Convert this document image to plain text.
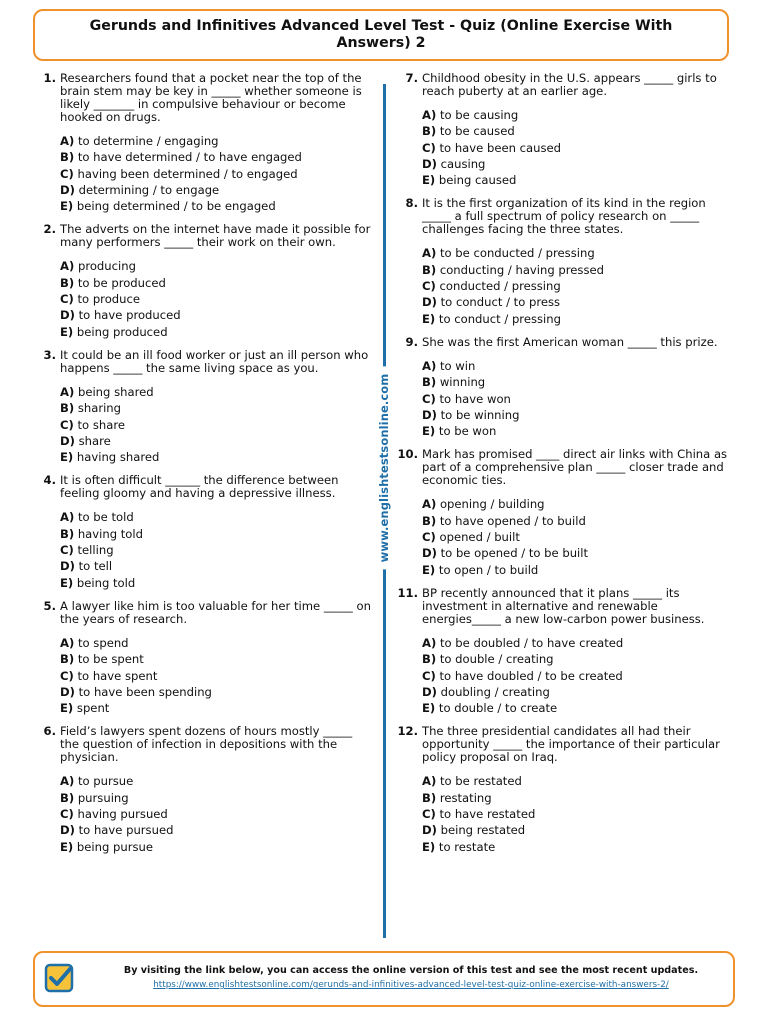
Gerunds and Infinitives Advanced Level Test - Quiz (Online Exercise With Answers) 2
www.englishtestsonline.com
1. Researchers found that a pocket near the top of the brain stem may be key in _____ whether someone is likely _______ in compulsive behaviour or become hooked on drugs.

A) to determine / engaging
B) to have determined / to have engaged
C) having been determined / to engaged
D) determining / to engage
E) being determined / to be engaged
2. The adverts on the internet have made it possible for many performers _____ their work on their own.

A) producing
B) to be produced
C) to produce
D) to have produced
E) being produced
3. It could be an ill food worker or just an ill person who happens _____ the same living space as you.

A) being shared
B) sharing
C) to share
D) share
E) having shared
4. It is often difficult ______ the difference between feeling gloomy and having a depressive illness.

A) to be told
B) having told
C) telling
D) to tell
E) being told
5. A lawyer like him is too valuable for her time _____ on the years of research.

A) to spend
B) to be spent
C) to have spent
D) to have been spending
E) spent
6. Field’s lawyers spent dozens of hours mostly _____ the question of infection in depositions with the physician.

A) to pursue
B) pursuing
C) having pursued
D) to have pursued
E) being pursue
7. Childhood obesity in the U.S. appears _____ girls to reach puberty at an earlier age.

A) to be causing
B) to be caused
C) to have been caused
D) causing
E) being caused
8. It is the first organization of its kind in the region _____ a full spectrum of policy research on _____ challenges facing the three states.

A) to be conducted / pressing
B) conducting / having pressed
C) conducted / pressing
D) to conduct / to press
E) to conduct / pressing
9. She was the first American woman _____ this prize.

A) to win
B) winning
C) to have won
D) to be winning
E) to be won
10. Mark has promised ____ direct air links with China as part of a comprehensive plan _____ closer trade and economic ties.

A) opening / building
B) to have opened / to build
C) opened / built
D) to be opened / to be built
E) to open / to build
11. BP recently announced that it plans _____ its investment in alternative and renewable energies_____ a new low-carbon power business.

A) to be doubled / to have created
B) to double / creating
C) to have doubled / to be created
D) doubling / creating
E) to double / to create
12. The three presidential candidates all had their opportunity _____ the importance of their particular policy proposal on Iraq.

A) to be restated
B) restating
C) to have restated
D) being restated
E) to restate
By visiting the link below, you can access the online version of this test and see the most recent updates.
https://www.englishtestsonline.com/gerunds-and-infinitives-advanced-level-test-quiz-online-exercise-with-answers-2/
